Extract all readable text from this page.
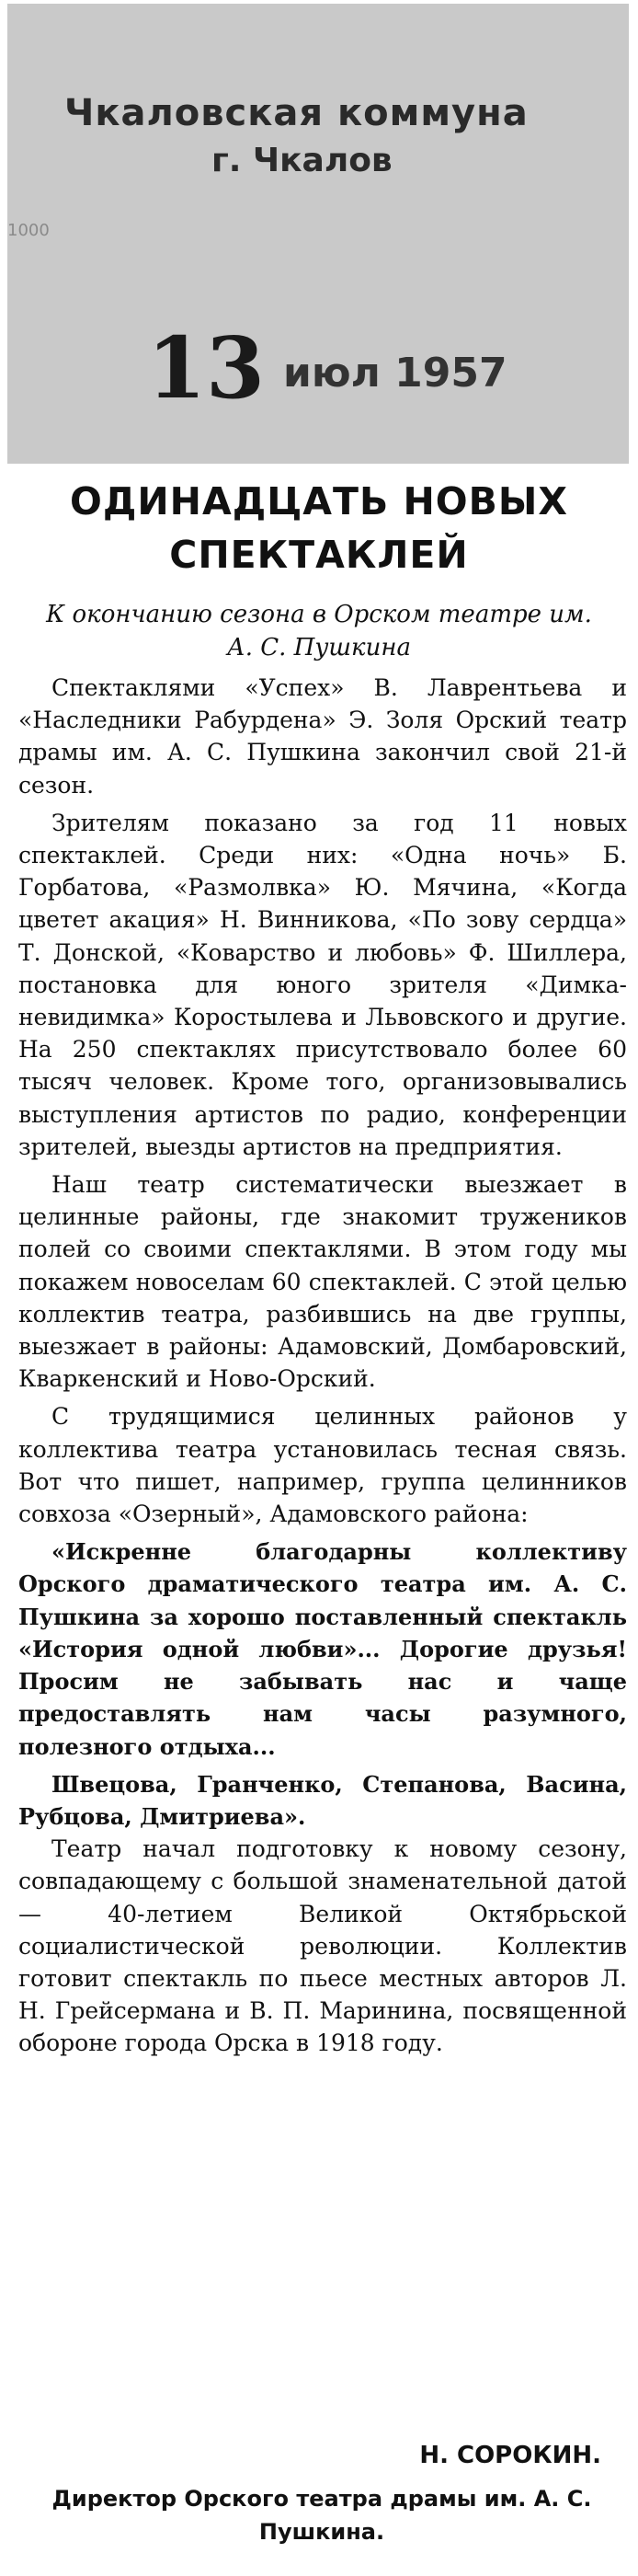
Чкаловская коммуна
г. Чкалов
1000
13 июл 1957
ОДИНАДЦАТЬ НОВЫХ СПЕКТАКЛЕЙ
К окончанию сезона в Орском театре им. А. С. Пушкина

Спектаклями «Успех» В. Лаврентьева и «Наследники Рабурдена» Э. Золя Орский театр драмы им. А. С. Пушкина закончил свой 21-й сезон.

Зрителям показано за год 11 новых спектаклей. Среди них: «Одна ночь» Б. Горбатова, «Размолвка» Ю. Мячина, «Когда цветет акация» Н. Винникова, «По зову сердца» Т. Донской, «Коварство и любовь» Ф. Шиллера, постановка для юного зрителя «Димка-невидимка» Коростылева и Львовского и другие. На 250 спектаклях присутствовало более 60 тысяч человек. Кроме того, организовывались выступления артистов по радио, конференции зрителей, выезды артистов на предприятия.

Наш театр систематически выезжает в целинные районы, где знакомит тружеников полей со своими спектаклями. В этом году мы покажем новоселам 60 спектаклей. С этой целью коллектив театра, разбившись на две группы, выезжает в районы: Адамовский, Домбаровский, Кваркенский и Ново-Орский.

С трудящимися целинных районов у коллектива театра установилась тесная связь. Вот что пишет, например, группа целинников совхоза «Озерный», Адамовского района:

«Искренне благодарны коллективу Орского драматического театра им. А. С. Пушкина за хорошо поставленный спектакль «История одной любви»... Дорогие друзья! Просим не забывать нас и чаще предоставлять нам часы разумного, полезного отдыха...

Швецова, Гранченко, Степанова, Васина, Рубцова, Дмитриева».

Театр начал подготовку к новому сезону, совпадающему с большой знаменательной датой — 40-летием Великой Октябрьской социалистической революции. Коллектив готовит спектакль по пьесе местных авторов Л. Н. Грейсермана и В. П. Маринина, посвященной обороне города Орска в 1918 году.

Н. СОРОКИН.
Директор Орского театра драмы им. А. С. Пушкина.
